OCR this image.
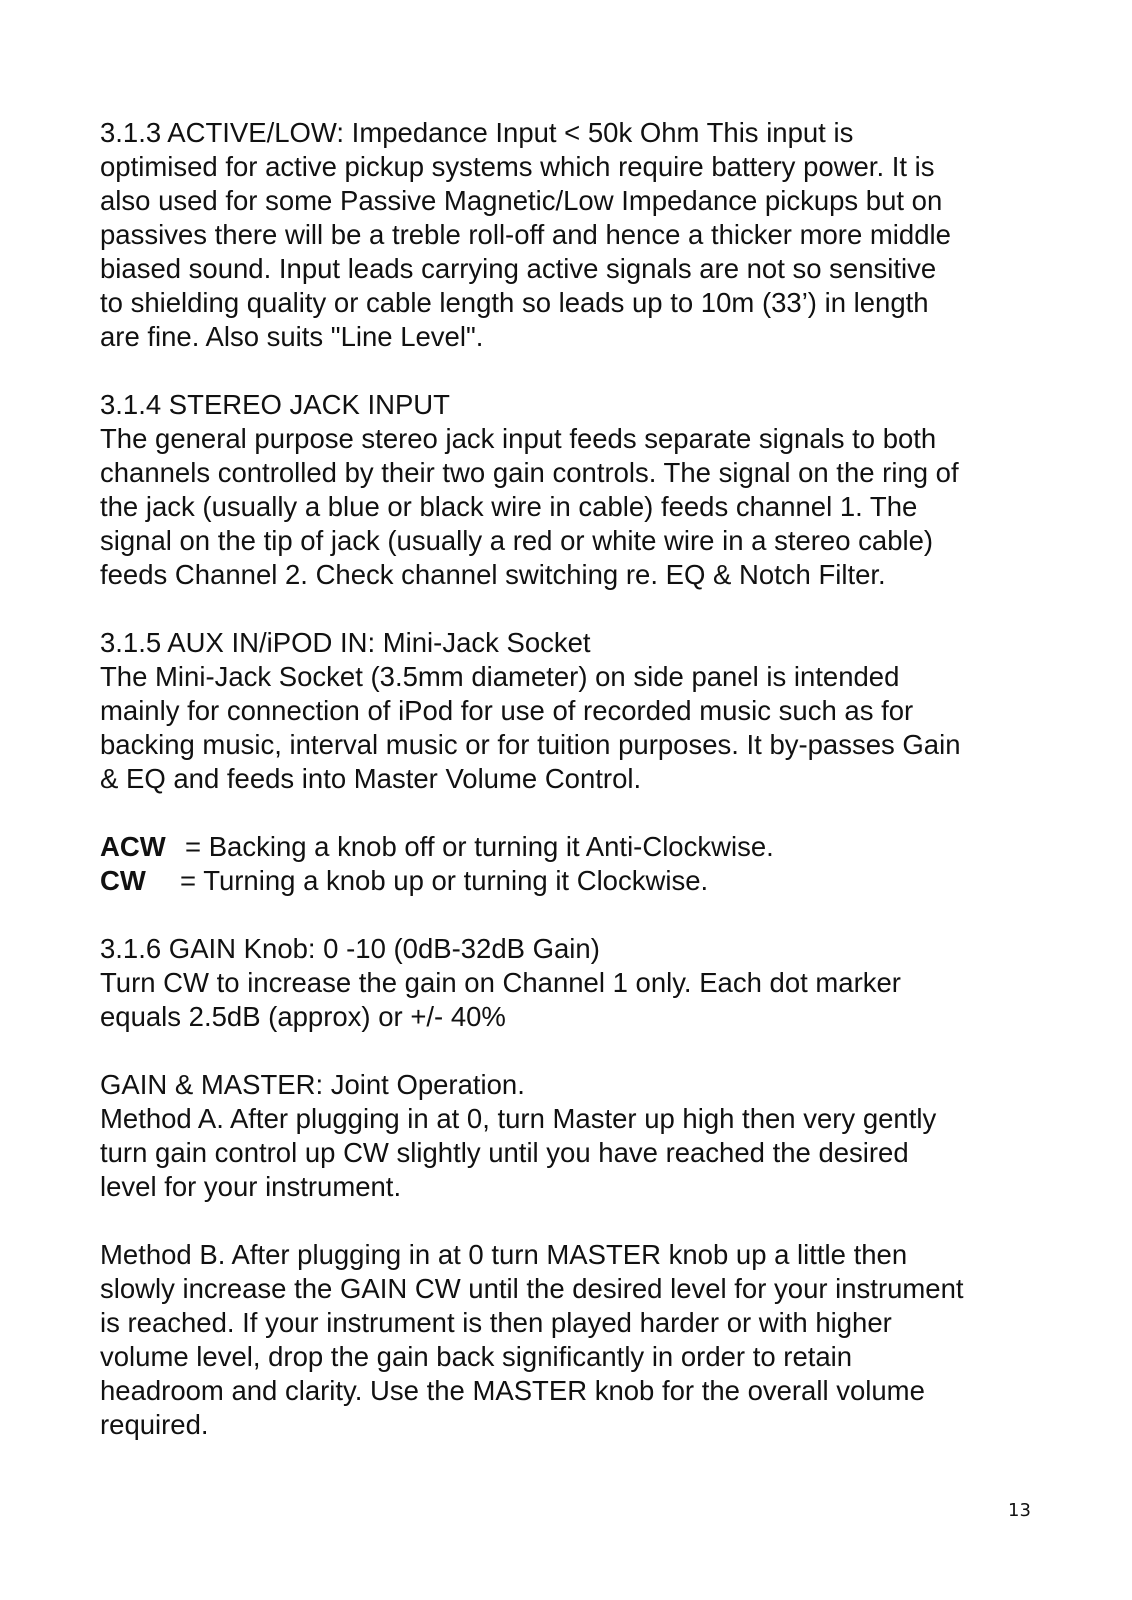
3.1.3 ACTIVE/LOW: Impedance Input < 50k Ohm This input is
optimised for active pickup systems which require battery power. It is
also used for some Passive Magnetic/Low Impedance pickups but on
passives there will be a treble roll-off and hence a thicker more middle
biased sound. Input leads carrying active signals are not so sensitive
to shielding quality or cable length so leads up to 10m (33’) in length
are fine. Also suits "Line Level".
3.1.4 STEREO JACK INPUT
The general purpose stereo jack input feeds separate signals to both
channels controlled by their two gain controls. The signal on the ring of
the jack (usually a blue or black wire in cable) feeds channel 1. The
signal on the tip of jack (usually a red or white wire in a stereo cable)
feeds Channel 2. Check channel switching re. EQ & Notch Filter.
3.1.5 AUX IN/iPOD IN: Mini-Jack Socket
The Mini-Jack Socket (3.5mm diameter) on side panel is intended
mainly for connection of iPod for use of recorded music such as for
backing music, interval music or for tuition purposes. It by-passes Gain
& EQ and feeds into Master Volume Control.
ACW = Backing a knob off or turning it Anti-Clockwise.
CW = Turning a knob up or turning it Clockwise.
3.1.6 GAIN Knob: 0 -10 (0dB-32dB Gain)
Turn CW to increase the gain on Channel 1 only. Each dot marker
equals 2.5dB (approx) or +/- 40%
GAIN & MASTER: Joint Operation.
Method A. After plugging in at 0, turn Master up high then very gently
turn gain control up CW slightly until you have reached the desired
level for your instrument.
Method B. After plugging in at 0 turn MASTER knob up a little then
slowly increase the GAIN CW until the desired level for your instrument
is reached. If your instrument is then played harder or with higher
volume level, drop the gain back significantly in order to retain
headroom and clarity. Use the MASTER knob for the overall volume
required.
13
